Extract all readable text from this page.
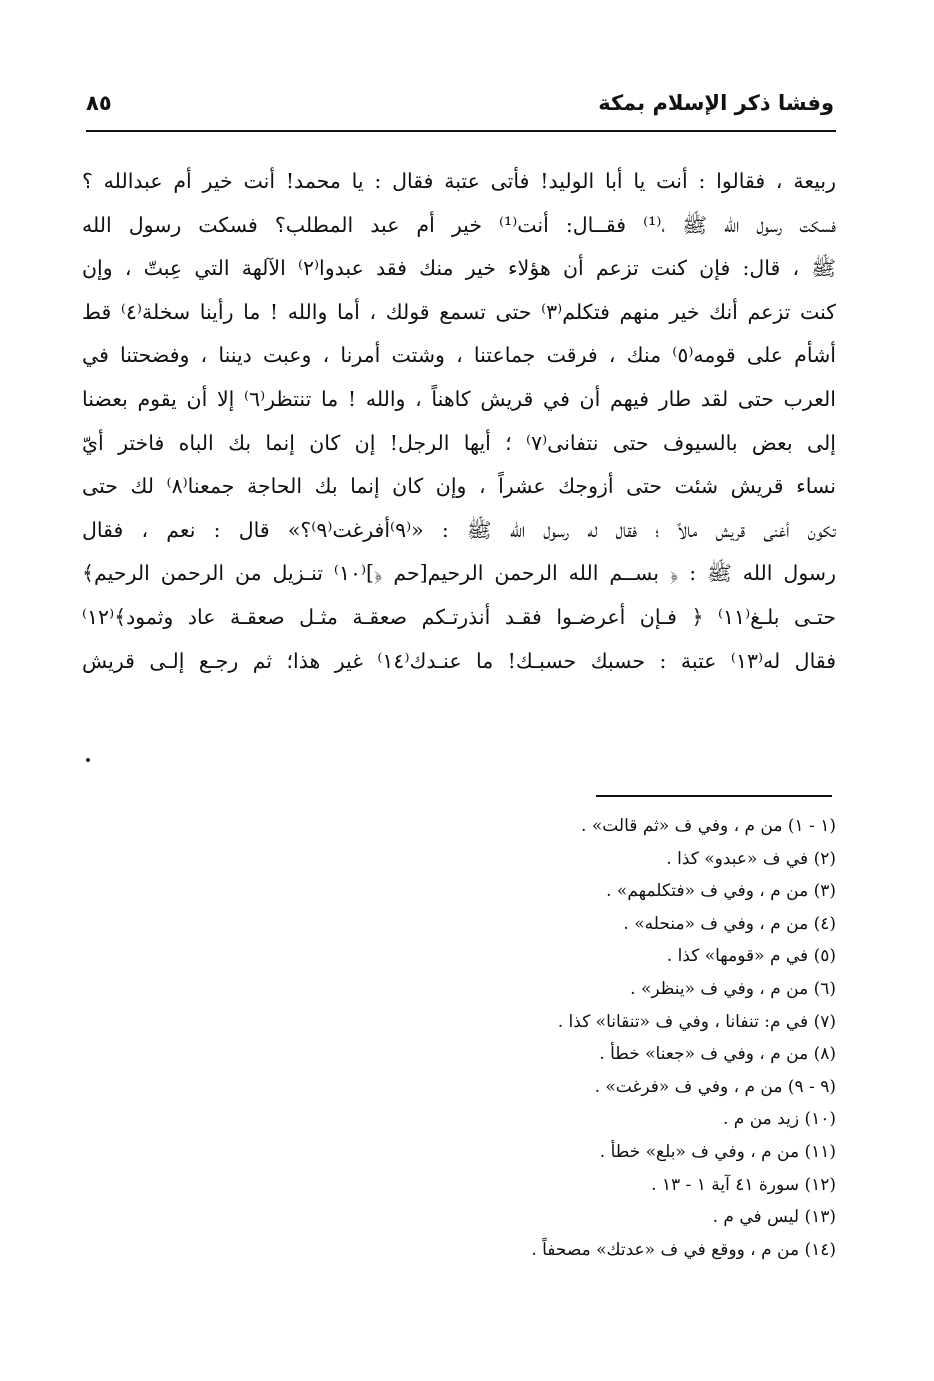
وفشا ذكر الإسلام بمكة
٨٥
ربيعة ، فقالوا : أنت يا أبا الوليد! فأتى عتبة فقال : يا محمد! أنت خير أم عبدالله ؟
فسكت رسول الله ﷺ ،⁽¹⁾ فقــال: أنت⁽¹⁾ خير أم عبد المطلب؟ فسكت رسول الله
ﷺ ، قال: فإن كنت تزعم أن هؤلاء خير منك فقد عبدوا⁽٢⁾ الآلهة التي عِبتّ ، وإن
كنت تزعم أنك خير منهم فتكلم⁽٣⁾ حتى تسمع قولك ، أما والله ! ما رأينا سخلة⁽٤⁾ قط
أشأم على قومه⁽٥⁾ منك ، فرقت جماعتنا ، وشتت أمرنا ، وعبت ديننا ، وفضحتنا في
العرب حتى لقد طار فيهم أن في قريش كاهناً ، والله ! ما تنتظر⁽٦⁾ إلا أن يقوم بعضنا
إلى بعض بالسيوف حتى نتفانى⁽٧⁾ ؛ أيها الرجل! إن كان إنما بك الباه فاختر أيّ
نساء قريش شئت حتى أزوجك عشراً ، وإن كان إنما بك الحاجة جمعنا⁽٨⁾ لك حتى
تكون أغنى قريش مالاً ؛ فقال له رسول الله ﷺ : «⁽٩⁾أفرغت⁽٩⁾؟» قال : نعم ، فقال
رسول الله ﷺ : ﴿ بســم الله الرحمن الرحيم[حم ﴿]⁽١٠⁾ تنـزيل من الرحمن الرحيم﴾
حتـى بلـغ⁽١١⁾ ﴿ فـإن أعرضـوا فقـد أنذرتـكم صعقـة مثـل صعقـة عاد وثمود﴾⁽١٢⁾
فقال له⁽١٣⁾ عتبة : حسبك حسبـك! ما عنـدك⁽١٤⁾ غير هذا؛ ثم رجـع إلـى قريش
(١ - ١) من م ، وفي ف «ثم قالت» .
(٢) في ف «عبدو» كذا .
(٣) من م ، وفي ف «فتكلمهم» .
(٤) من م ، وفي ف «منحله» .
(٥) في م «قومها» كذا .
(٦) من م ، وفي ف «ينظر» .
(٧) في م: تنفانا ، وفي ف «تنقانا» كذا .
(٨) من م ، وفي ف «جعنا» خطأ .
(٩ - ٩) من م ، وفي ف «فرغت» .
(١٠) زيد من م .
(١١) من م ، وفي ف «بلع» خطأ .
(١٢) سورة ٤١ آية ١ - ١٣ .
(١٣) ليس في م .
(١٤) من م ، ووقع في ف «عدتك» مصحفاً .
